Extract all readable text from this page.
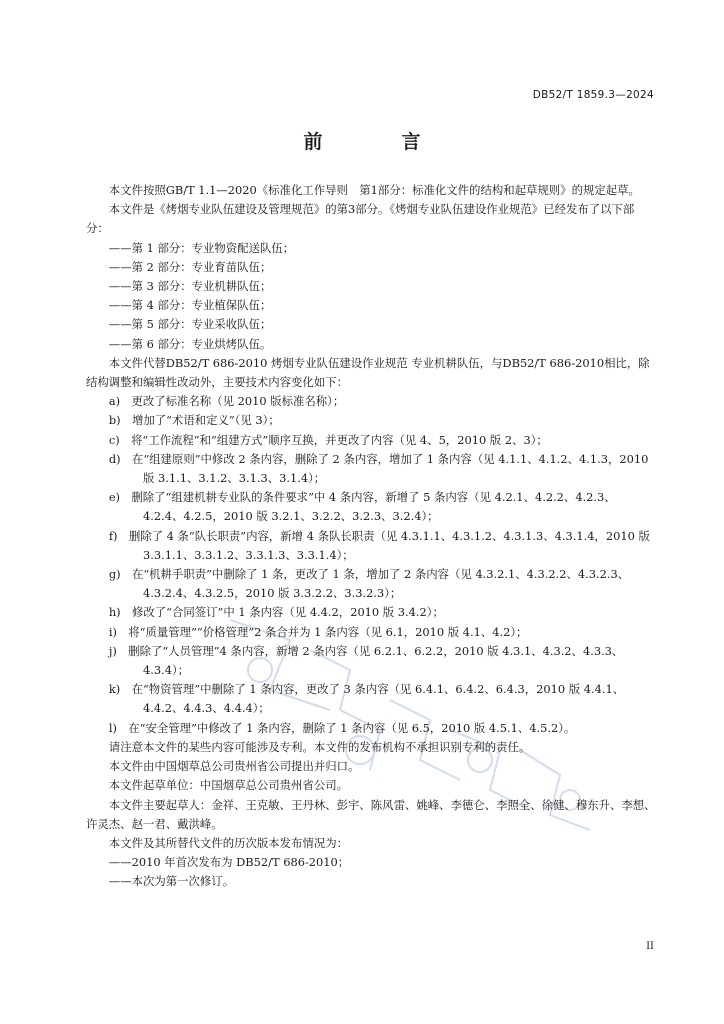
DB52/T 1859.3—2024
前　言

本文件按照GB/T 1.1—2020《标准化工作导则　第1部分：标准化文件的结构和起草规则》的规定起草。

本文件是《烤烟专业队伍建设及管理规范》的第3部分。《烤烟专业队伍建设作业规范》已经发布了以下部分：

——第 1 部分：专业物资配送队伍；

——第 2 部分：专业育苗队伍；

——第 3 部分：专业机耕队伍；

——第 4 部分：专业植保队伍；

——第 5 部分：专业采收队伍；

——第 6 部分：专业烘烤队伍。

本文件代替DB52/T 686-2010 烤烟专业队伍建设作业规范 专业机耕队伍，与DB52/T 686-2010相比，除结构调整和编辑性改动外，主要技术内容变化如下：

a)　更改了标准名称（见 2010 版标准名称）；

b)　增加了“术语和定义”（见 3）；

c)　将“工作流程”和“组建方式”顺序互换，并更改了内容（见 4、5，2010 版 2、3）；

d)　在“组建原则”中修改 2 条内容，删除了 2 条内容，增加了 1 条内容（见 4.1.1、4.1.2、4.1.3，2010 版 3.1.1、3.1.2、3.1.3、3.1.4）；

e)　删除了“组建机耕专业队的条件要求”中 4 条内容，新增了 5 条内容（见 4.2.1、4.2.2、4.2.3、4.2.4、4.2.5，2010 版 3.2.1、3.2.2、3.2.3、3.2.4）；

f)　删除了 4 条“队长职责”内容，新增 4 条队长职责（见 4.3.1.1、4.3.1.2、4.3.1.3、4.3.1.4，2010 版 3.3.1.1、3.3.1.2、3.3.1.3、3.3.1.4）；

g)　在“机耕手职责”中删除了 1 条，更改了 1 条，增加了 2 条内容（见 4.3.2.1、4.3.2.2、4.3.2.3、4.3.2.4、4.3.2.5，2010 版 3.3.2.2、3.3.2.3）；

h)　修改了“合同签订”中 1 条内容（见 4.4.2，2010 版 3.4.2）；

i)　将“质量管理”“价格管理”2 条合并为 1 条内容（见 6.1，2010 版 4.1、4.2）；

j)　删除了“人员管理”4 条内容，新增 2 条内容（见 6.2.1、6.2.2，2010 版 4.3.1、4.3.2、4.3.3、4.3.4）；

k)　在“物资管理”中删除了 1 条内容，更改了 3 条内容（见 6.4.1、6.4.2、6.4.3，2010 版 4.4.1、4.4.2、4.4.3、4.4.4）；

l)　在“安全管理”中修改了 1 条内容，删除了 1 条内容（见 6.5，2010 版 4.5.1、4.5.2）。

请注意本文件的某些内容可能涉及专利。本文件的发布机构不承担识别专利的责任。

本文件由中国烟草总公司贵州省公司提出并归口。

本文件起草单位：中国烟草总公司贵州省公司。

本文件主要起草人：金祥、王克敏、王丹林、彭宇、陈风雷、姚峰、李德仑、李照全、徐健、穆东升、李想、许灵杰、赵一君、戴洪峰。

本文件及其所替代文件的历次版本发布情况为：

——2010 年首次发布为 DB52/T 686-2010；

——本次为第一次修订。

II
